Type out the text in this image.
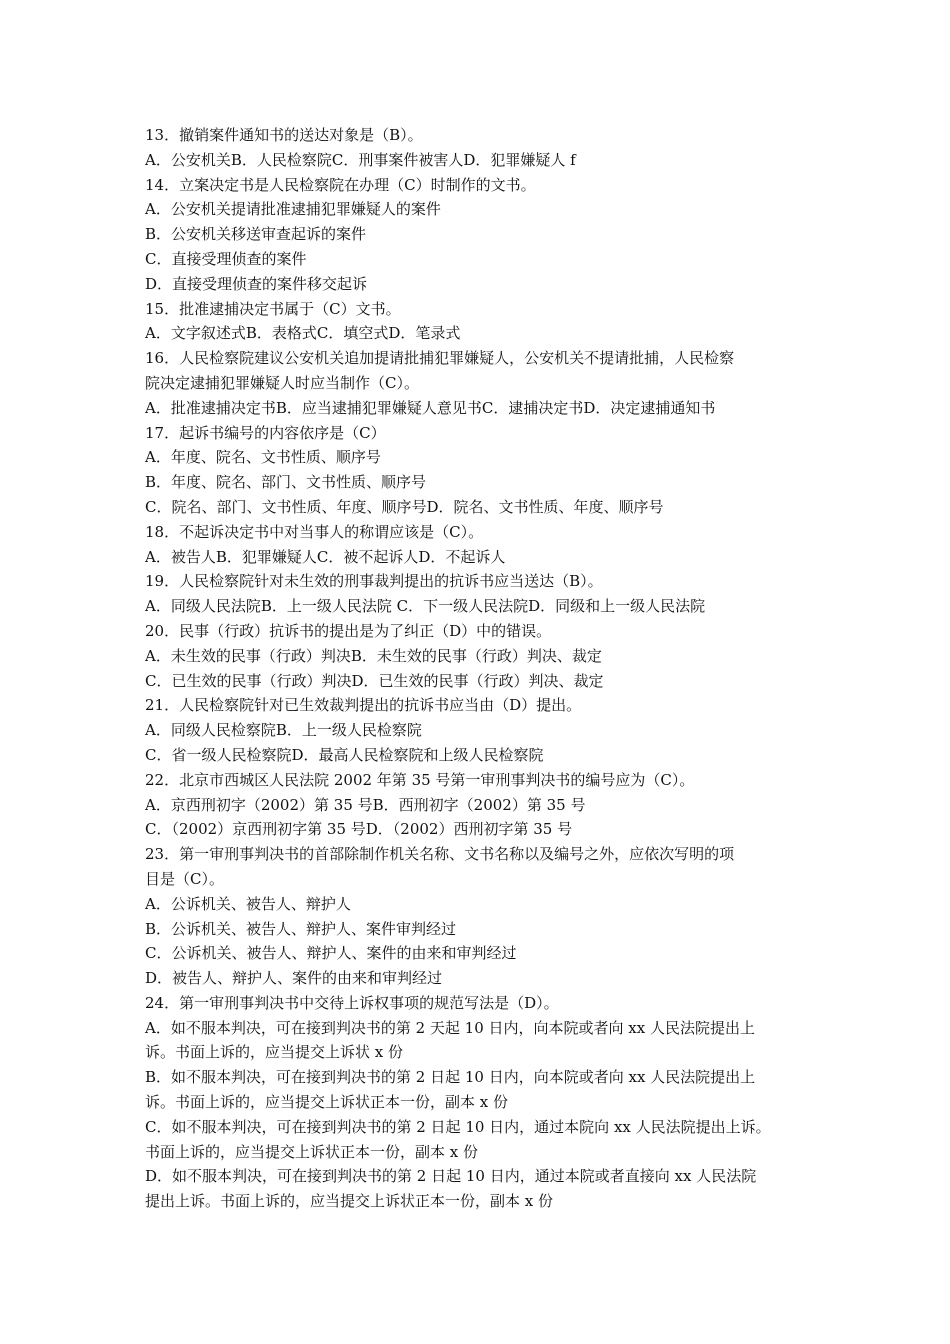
13．撤销案件通知书的送达对象是（B）。
A．公安机关B．人民检察院C．刑事案件被害人D．犯罪嫌疑人 f
14．立案决定书是人民检察院在办理（C）时制作的文书。
A．公安机关提请批准逮捕犯罪嫌疑人的案件
B．公安机关移送审查起诉的案件
C．直接受理侦查的案件
D．直接受理侦查的案件移交起诉
15．批准逮捕决定书属于（C）文书。
A．文字叙述式B．表格式C．填空式D．笔录式
16．人民检察院建议公安机关追加提请批捕犯罪嫌疑人，公安机关不提请批捕，人民检察
院决定逮捕犯罪嫌疑人时应当制作（C）。
A．批准逮捕决定书B．应当逮捕犯罪嫌疑人意见书C．逮捕决定书D．决定逮捕通知书
17．起诉书编号的内容依序是（C）
A．年度、院名、文书性质、顺序号
B．年度、院名、部门、文书性质、顺序号
C．院名、部门、文书性质、年度、顺序号D．院名、文书性质、年度、顺序号
18．不起诉决定书中对当事人的称谓应该是（C）。
A．被告人B．犯罪嫌疑人C．被不起诉人D．不起诉人
19．人民检察院针对未生效的刑事裁判提出的抗诉书应当送达（B）。
A．同级人民法院B．上一级人民法院 C．下一级人民法院D．同级和上一级人民法院
20．民事（行政）抗诉书的提出是为了纠正（D）中的错误。
A．未生效的民事（行政）判决B．未生效的民事（行政）判决、裁定
C．已生效的民事（行政）判决D．已生效的民事（行政）判决、裁定
21．人民检察院针对已生效裁判提出的抗诉书应当由（D）提出。
A．同级人民检察院B．上一级人民检察院
C．省一级人民检察院D．最高人民检察院和上级人民检察院
22．北京市西城区人民法院 2002 年第 35 号第一审刑事判决书的编号应为（C）。
A．京西刑初字（2002）第 35 号B．西刑初字（2002）第 35 号
C．（2002）京西刑初字第 35 号D．（2002）西刑初字第 35 号
23．第一审刑事判决书的首部除制作机关名称、文书名称以及编号之外，应依次写明的项
目是（C）。
A．公诉机关、被告人、辩护人
B．公诉机关、被告人、辩护人、案件审判经过
C．公诉机关、被告人、辩护人、案件的由来和审判经过
D．被告人、辩护人、案件的由来和审判经过
24．第一审刑事判决书中交待上诉权事项的规范写法是（D）。
A．如不服本判决，可在接到判决书的第 2 天起 10 日内，向本院或者向 xx 人民法院提出上
诉。书面上诉的，应当提交上诉状 x 份
B．如不服本判决，可在接到判决书的第 2 日起 10 日内，向本院或者向 xx 人民法院提出上
诉。书面上诉的，应当提交上诉状正本一份，副本 x 份
C．如不服本判决，可在接到判决书的第 2 日起 10 日内，通过本院向 xx 人民法院提出上诉。
书面上诉的，应当提交上诉状正本一份，副本 x 份
D．如不服本判决，可在接到判决书的第 2 日起 10 日内，通过本院或者直接向 xx 人民法院
提出上诉。书面上诉的，应当提交上诉状正本一份，副本 x 份
